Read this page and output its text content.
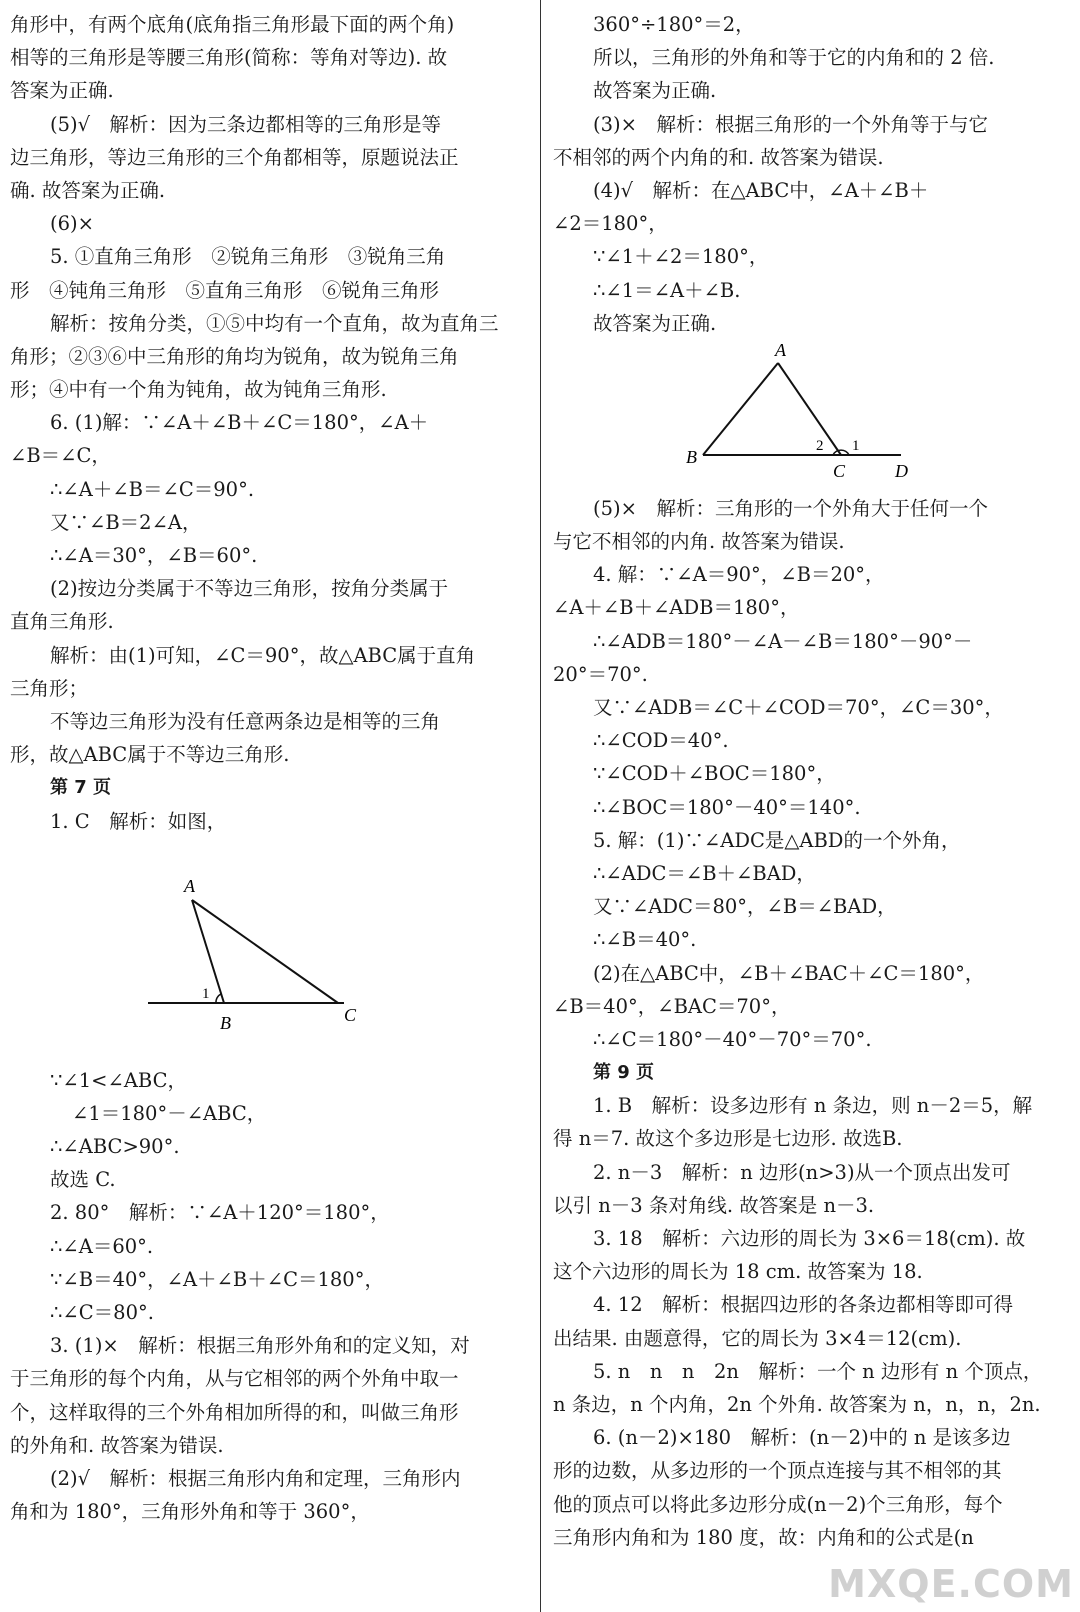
角形中，有两个底角(底角指三角形最下面的两个角)
相等的三角形是等腰三角形(简称：等角对等边). 故
答案为正确.
(5)√　解析：因为三条边都相等的三角形是等
边三角形，等边三角形的三个角都相等，原题说法正
确. 故答案为正确.
(6)×
5. ①直角三角形　②锐角三角形　③锐角三角
形　④钝角三角形　⑤直角三角形　⑥锐角三角形
解析：按角分类，①⑤中均有一个直角，故为直角三
角形；②③⑥中三角形的角均为锐角，故为锐角三角
形；④中有一个角为钝角，故为钝角三角形.
6. (1)解：∵∠A＋∠B＋∠C＝180°，∠A＋
∠B＝∠C，
∴∠A＋∠B＝∠C＝90°.
又∵∠B＝2∠A，
∴∠A＝30°，∠B＝60°.
(2)按边分类属于不等边三角形，按角分类属于
直角三角形.
解析：由(1)可知，∠C＝90°，故△ABC属于直角
三角形；
不等边三角形为没有任意两条边是相等的三角
形，故△ABC属于不等边三角形.
第 7 页
1. C　解析：如图，
A
B	C
1
∵∠1<∠ABC，
∠1＝180°－∠ABC，
∴∠ABC>90°.
故选 C.
2. 80°　解析：∵∠A＋120°＝180°，
∴∠A＝60°.
∵∠B＝40°，∠A＋∠B＋∠C＝180°，
∴∠C＝80°.
3. (1)×　解析：根据三角形外角和的定义知，对
于三角形的每个内角，从与它相邻的两个外角中取一
个，这样取得的三个外角相加所得的和，叫做三角形
的外角和. 故答案为错误.
(2)√　解析：根据三角形内角和定理，三角形内
角和为 180°，三角形外角和等于 360°，
360°÷180°＝2，
所以，三角形的外角和等于它的内角和的 2 倍.
故答案为正确.
(3)×　解析：根据三角形的一个外角等于与它
不相邻的两个内角的和. 故答案为错误.
(4)√　解析：在△ABC中，∠A＋∠B＋
∠2＝180°，
∵∠1＋∠2＝180°，
∴∠1＝∠A＋∠B.
故答案为正确.
A
B
C	D
1
2
(5)×　解析：三角形的一个外角大于任何一个
与它不相邻的内角. 故答案为错误.
4. 解：∵∠A＝90°，∠B＝20°，
∠A＋∠B＋∠ADB＝180°，
∴∠ADB＝180°－∠A－∠B＝180°－90°－
20°＝70°.
又∵∠ADB＝∠C＋∠COD＝70°，∠C＝30°，
∴∠COD＝40°.
∵∠COD＋∠BOC＝180°，
∴∠BOC＝180°－40°＝140°.
5. 解：(1)∵∠ADC是△ABD的一个外角，
∴∠ADC＝∠B＋∠BAD，
又∵∠ADC＝80°，∠B＝∠BAD，
∴∠B＝40°.
(2)在△ABC中，∠B＋∠BAC＋∠C＝180°，
∠B＝40°，∠BAC＝70°，
∴∠C＝180°－40°－70°＝70°.
第 9 页
1. B　解析：设多边形有 n 条边，则 n－2＝5，解
得 n＝7. 故这个多边形是七边形. 故选B.
2. n－3　解析：n 边形(n>3)从一个顶点出发可
以引 n－3 条对角线. 故答案是 n－3.
3. 18　解析：六边形的周长为 3×6＝18(cm). 故
这个六边形的周长为 18 cm. 故答案为 18.
4. 12　解析：根据四边形的各条边都相等即可得
出结果. 由题意得，它的周长为 3×4＝12(cm).
5. n　n　n　2n　解析：一个 n 边形有 n 个顶点，
n 条边，n 个内角，2n 个外角. 故答案为 n，n，n，2n.
6. (n－2)×180　解析：(n－2)中的 n 是该多边
形的边数，从多边形的一个顶点连接与其不相邻的其
他的顶点可以将此多边形分成(n－2)个三角形，每个
三角形内角和为 180 度，故：内角和的公式是(n
MXQE.COM
